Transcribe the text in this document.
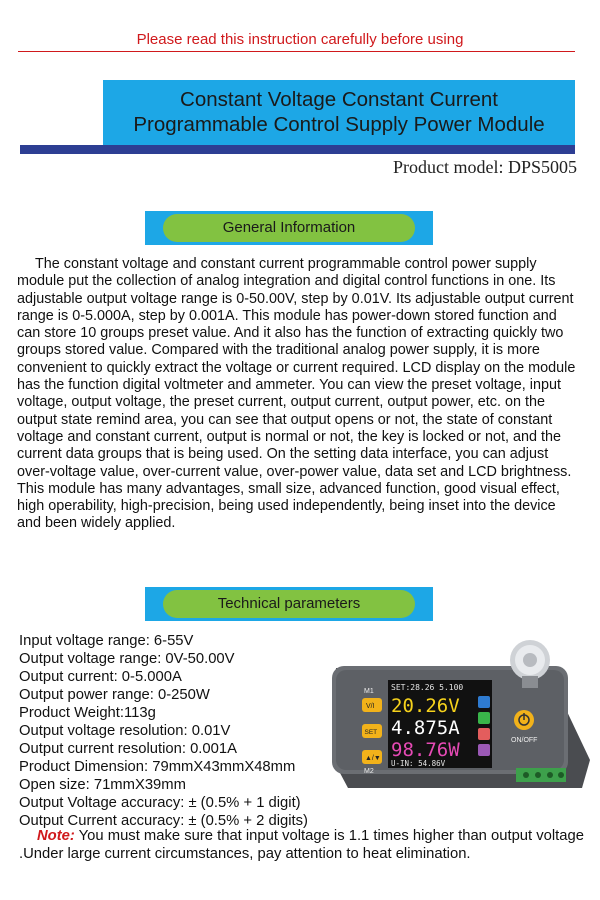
Please read this instruction carefully before using
Constant Voltage Constant Current
Programmable Control Supply Power Module
Product model: DPS5005
General Information

The constant voltage and constant current programmable control power supply module put the collection of analog integration and digital control functions in one. Its adjustable output voltage range is 0-50.00V, step by 0.01V. Its adjustable output current range is 0-5.000A, step by 0.001A. This module has power-down stored function and can store 10 groups preset value. And it also has the function of extracting quickly two groups stored value. Compared with the traditional analog power supply, it is more convenient to quickly extract the voltage or current required. LCD display on the module has the function digital voltmeter and ammeter. You can view the preset voltage, input voltage, output voltage, the preset current, output current, output power, etc. on the output state remind area, you can see that output opens or not, the state of constant voltage and constant current, output is normal or not, the key is locked or not, and the current data groups that is being used. On the setting data interface, you can adjust over-voltage value, over-current value, over-power value, data set and LCD brightness. This module has many advantages, small size, advanced function, good visual effect, high operability, high-precision, being used independently, being inset into the device and been widely applied.

Technical parameters
Input voltage range: 6-55V
Output voltage range: 0V-50.00V
Output current: 0-5.000A
Output power range: 0-250W
Product Weight:113g
Output voltage resolution: 0.01V
Output current resolution: 0.001A
Product Dimension: 79mmX43mmX48mm
Open size: 71mmX39mm
Output Voltage accuracy: ± (0.5% + 1 digit)
Output Current accuracy: ± (0.5% + 2 digits)

Note: You must make sure that input voltage is 1.1 times higher than output voltage .Under large current circumstances, pay attention to heat elimination.

M1
V/I
SET
▲/▼
M2
SET:28.26 5.100
20.26V
4.875A
98.76W
U-IN: 54.86V
ON/OFF
